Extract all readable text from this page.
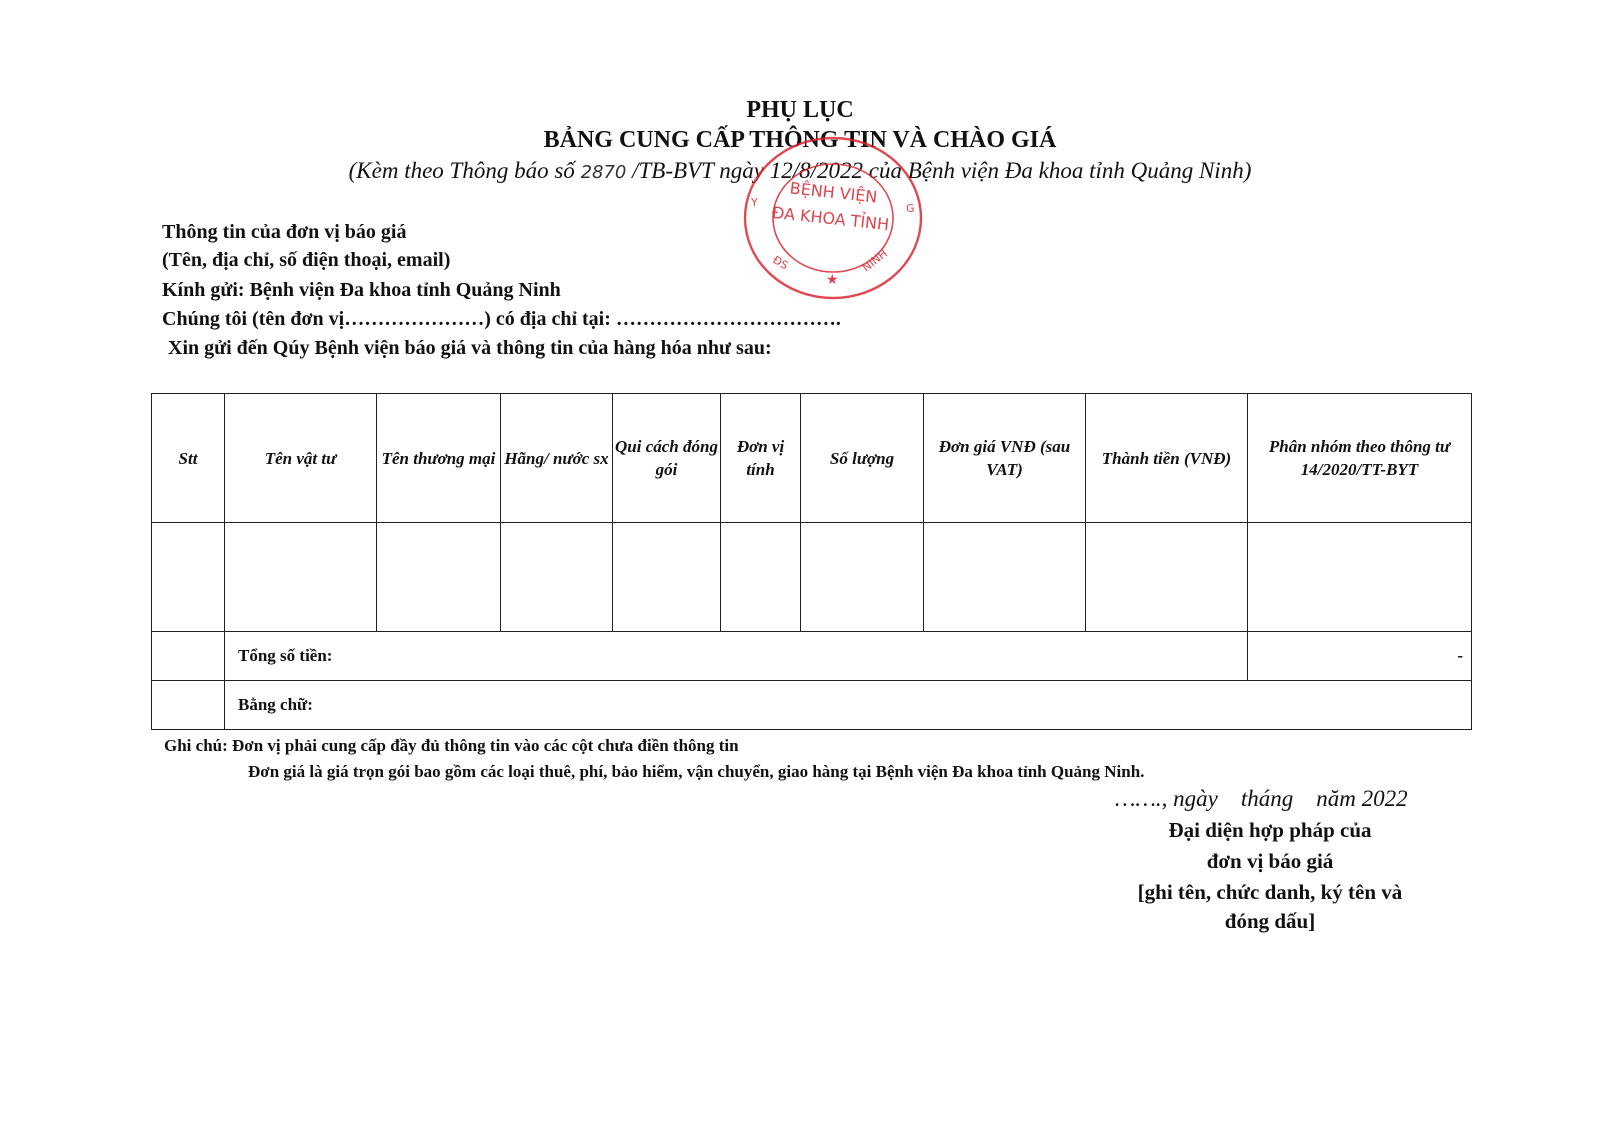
PHỤ LỤC
BẢNG CUNG CẤP THÔNG TIN VÀ CHÀO GIÁ
(Kèm theo Thông báo số 2870 /TB-BVT ngày 12/8/2022 của Bệnh viện Đa khoa tỉnh Quảng Ninh)
BỆNH VIỆN
ĐA KHOA TỈNH
Y
ĐS	NINH
G
★
Thông tin của đơn vị báo giá
(Tên, địa chỉ, số điện thoại, email)
Kính gửi: Bệnh viện Đa khoa tỉnh Quảng Ninh
Chúng tôi (tên đơn vị…………………) có địa chỉ tại: …………………………….
Xin gửi đến Qúy Bệnh viện báo giá và thông tin của hàng hóa như sau:
Stt	Tên vật tư	Tên thương mại	Hãng/ nước sx	Qui cách đóng gói	Đơn vị tính	Số lượng	Đơn giá VNĐ (sau VAT)	Thành tiền (VNĐ)	Phân nhóm theo thông tư 14/2020/TT-BYT

	Tổng số tiền:								-
	Bằng chữ:								
Ghi chú: Đơn vị phải cung cấp đầy đủ thông tin vào các cột chưa điền thông tin
Đơn giá là giá trọn gói bao gồm các loại thuê, phí, bảo hiểm, vận chuyển, giao hàng tại Bệnh viện Đa khoa tỉnh Quảng Ninh.
……., ngày    tháng    năm 2022
Đại diện hợp pháp của
đơn vị báo giá
[ghi tên, chức danh, ký tên và
đóng dấu]
